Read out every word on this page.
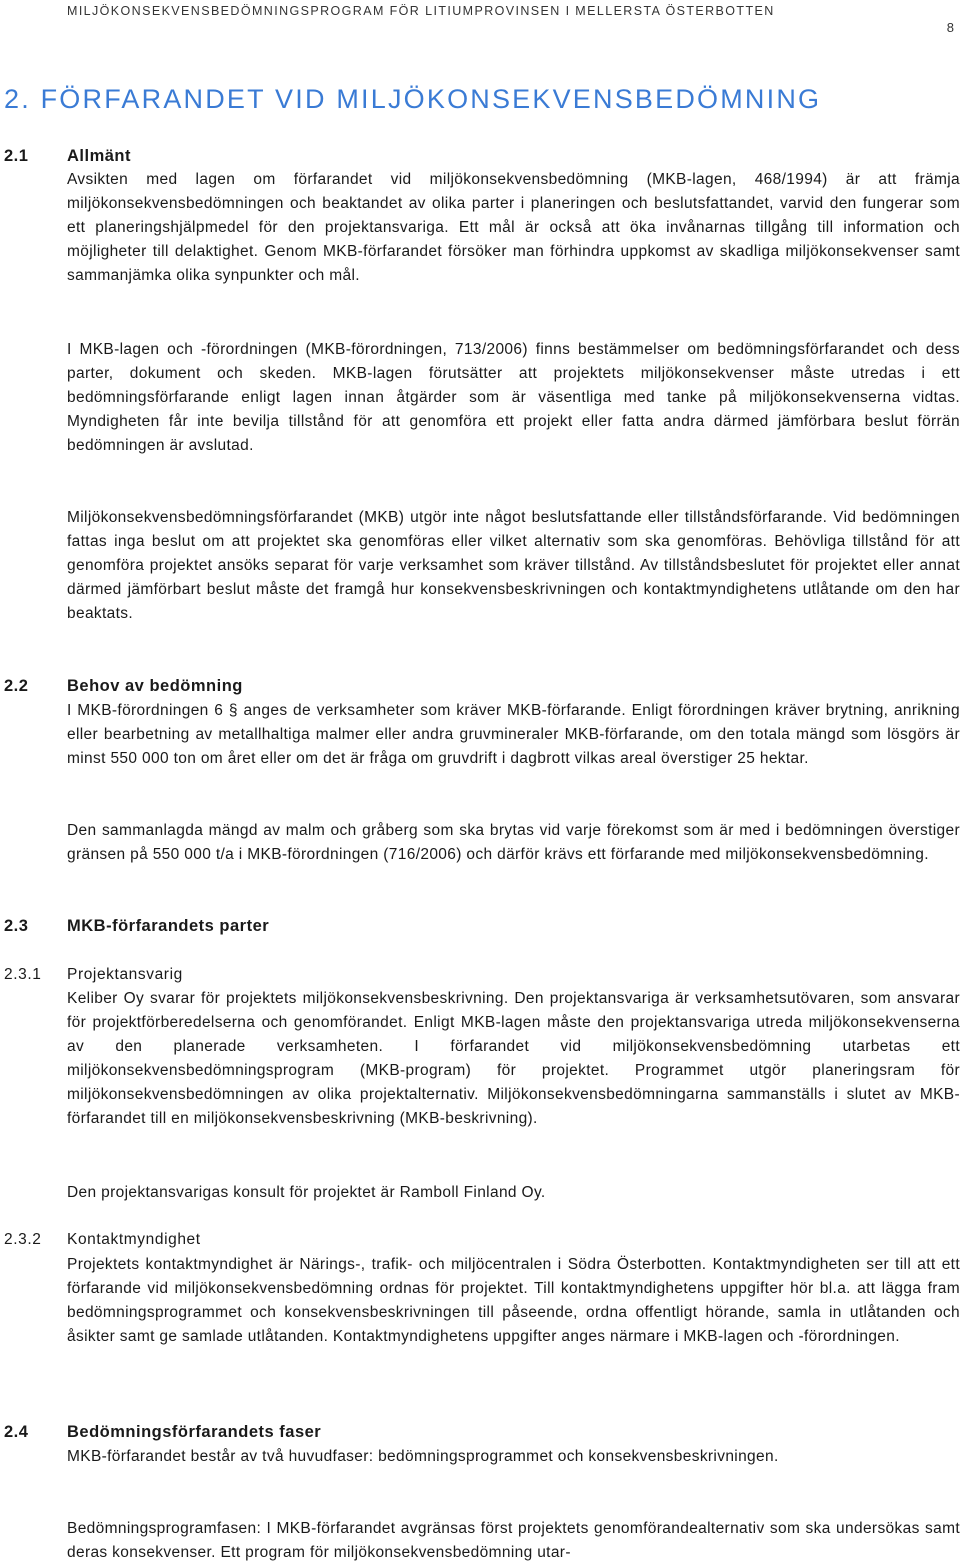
MILJÖKONSEKVENSBEDÖMNINGSPROGRAM FÖR LITIUMPROVINSEN I MELLERSTA ÖSTERBOTTEN
8
2. FÖRFARANDET VID MILJÖKONSEKVENSBEDÖMNING
2.1 Allmänt

Avsikten med lagen om förfarandet vid miljökonsekvensbedömning (MKB-lagen, 468/1994) är att främja miljökonsekvensbedömningen och beaktandet av olika parter i planeringen och beslutsfattandet, varvid den fungerar som ett planeringshjälpmedel för den projektansvariga. Ett mål är också att öka invånarnas tillgång till information och möjligheter till delaktighet. Genom MKB-förfarandet försöker man förhindra uppkomst av skadliga miljökonsekvenser samt sammanjämka olika synpunkter och mål.

I MKB-lagen och -förordningen (MKB-förordningen, 713/2006) finns bestämmelser om bedömningsförfarandet och dess parter, dokument och skeden. MKB-lagen förutsätter att projektets miljökonsekvenser måste utredas i ett bedömningsförfarande enligt lagen innan åtgärder som är väsentliga med tanke på miljökonsekvenserna vidtas. Myndigheten får inte bevilja tillstånd för att genomföra ett projekt eller fatta andra därmed jämförbara beslut förrän bedömningen är avslutad.

Miljökonsekvensbedömningsförfarandet (MKB) utgör inte något beslutsfattande eller tillståndsförfarande. Vid bedömningen fattas inga beslut om att projektet ska genomföras eller vilket alternativ som ska genomföras. Behövliga tillstånd för att genomföra projektet ansöks separat för varje verksamhet som kräver tillstånd. Av tillståndsbeslutet för projektet eller annat därmed jämförbart beslut måste det framgå hur konsekvensbeskrivningen och kontaktmyndighetens utlåtande om den har beaktats.

2.2 Behov av bedömning

I MKB-förordningen 6 § anges de verksamheter som kräver MKB-förfarande. Enligt förordningen kräver brytning, anrikning eller bearbetning av metallhaltiga malmer eller andra gruvmineraler MKB-förfarande, om den totala mängd som lösgörs är minst 550 000 ton om året eller om det är fråga om gruvdrift i dagbrott vilkas areal överstiger 25 hektar.

Den sammanlagda mängd av malm och gråberg som ska brytas vid varje förekomst som är med i bedömningen överstiger gränsen på 550 000 t/a i MKB-förordningen (716/2006) och därför krävs ett förfarande med miljökonsekvensbedömning.

2.3 MKB-förfarandets parter
2.3.1 Projektansvarig

Keliber Oy svarar för projektets miljökonsekvensbeskrivning. Den projektansvariga är verksamhetsutövaren, som ansvarar för projektförberedelserna och genomförandet. Enligt MKB-lagen måste den projektansvariga utreda miljökonsekvenserna av den planerade verksamheten. I förfarandet vid miljökonsekvensbedömning utarbetas ett miljökonsekvensbedömningsprogram (MKB-program) för projektet. Programmet utgör planeringsram för miljökonsekvensbedömningen av olika projektalternativ. Miljökonsekvensbedömningarna sammanställs i slutet av MKB-förfarandet till en miljökonsekvensbeskrivning (MKB-beskrivning).

Den projektansvarigas konsult för projektet är Ramboll Finland Oy.

2.3.2 Kontaktmyndighet

Projektets kontaktmyndighet är Närings-, trafik- och miljöcentralen i Södra Österbotten. Kontaktmyndigheten ser till att ett förfarande vid miljökonsekvensbedömning ordnas för projektet. Till kontaktmyndighetens uppgifter hör bl.a. att lägga fram bedömningsprogrammet och konsekvensbeskrivningen till påseende, ordna offentligt hörande, samla in utlåtanden och åsikter samt ge samlade utlåtanden. Kontaktmyndighetens uppgifter anges närmare i MKB-lagen och -förordningen.

2.4 Bedömningsförfarandets faser

MKB-förfarandet består av två huvudfaser: bedömningsprogrammet och konsekvensbeskrivningen.

Bedömningsprogramfasen: I MKB-förfarandet avgränsas först projektets genomförandealternativ som ska undersökas samt deras konsekvenser. Ett program för miljökonsekvensbedömning utar-
